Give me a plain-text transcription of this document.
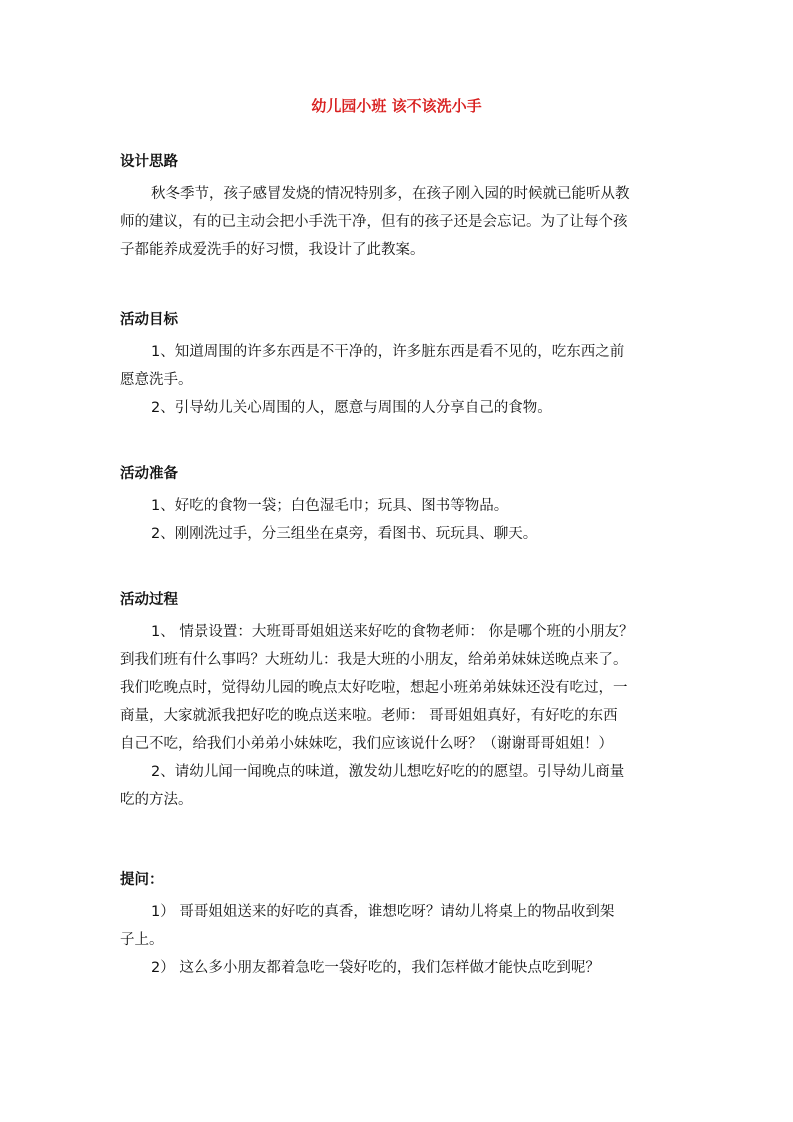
幼儿园小班 该不该洗小手
设计思路

秋冬季节，孩子感冒发烧的情况特别多，在孩子刚入园的时候就已能听从教

师的建议，有的已主动会把小手洗干净，但有的孩子还是会忘记。为了让每个孩

子都能养成爱洗手的好习惯，我设计了此教案。

活动目标

1、知道周围的许多东西是不干净的，许多脏东西是看不见的，吃东西之前

愿意洗手。

2、引导幼儿关心周围的人，愿意与周围的人分享自己的食物。

活动准备

1、好吃的食物一袋；白色湿毛巾；玩具、图书等物品。

2、刚刚洗过手，分三组坐在桌旁，看图书、玩玩具、聊天。

活动过程

1、 情景设置：大班哥哥姐姐送来好吃的食物老师： 你是哪个班的小朋友？

到我们班有什么事吗？大班幼儿：我是大班的小朋友，给弟弟妹妹送晚点来了。

我们吃晚点时，觉得幼儿园的晚点太好吃啦，想起小班弟弟妹妹还没有吃过，一

商量，大家就派我把好吃的晚点送来啦。老师： 哥哥姐姐真好，有好吃的东西

自己不吃，给我们小弟弟小妹妹吃，我们应该说什么呀？（谢谢哥哥姐姐！）

2、请幼儿闻一闻晚点的味道，激发幼儿想吃好吃的的愿望。引导幼儿商量

吃的方法。

提问：

1） 哥哥姐姐送来的好吃的真香，谁想吃呀？请幼儿将桌上的物品收到架

子上。

2） 这么多小朋友都着急吃一袋好吃的，我们怎样做才能快点吃到呢？
